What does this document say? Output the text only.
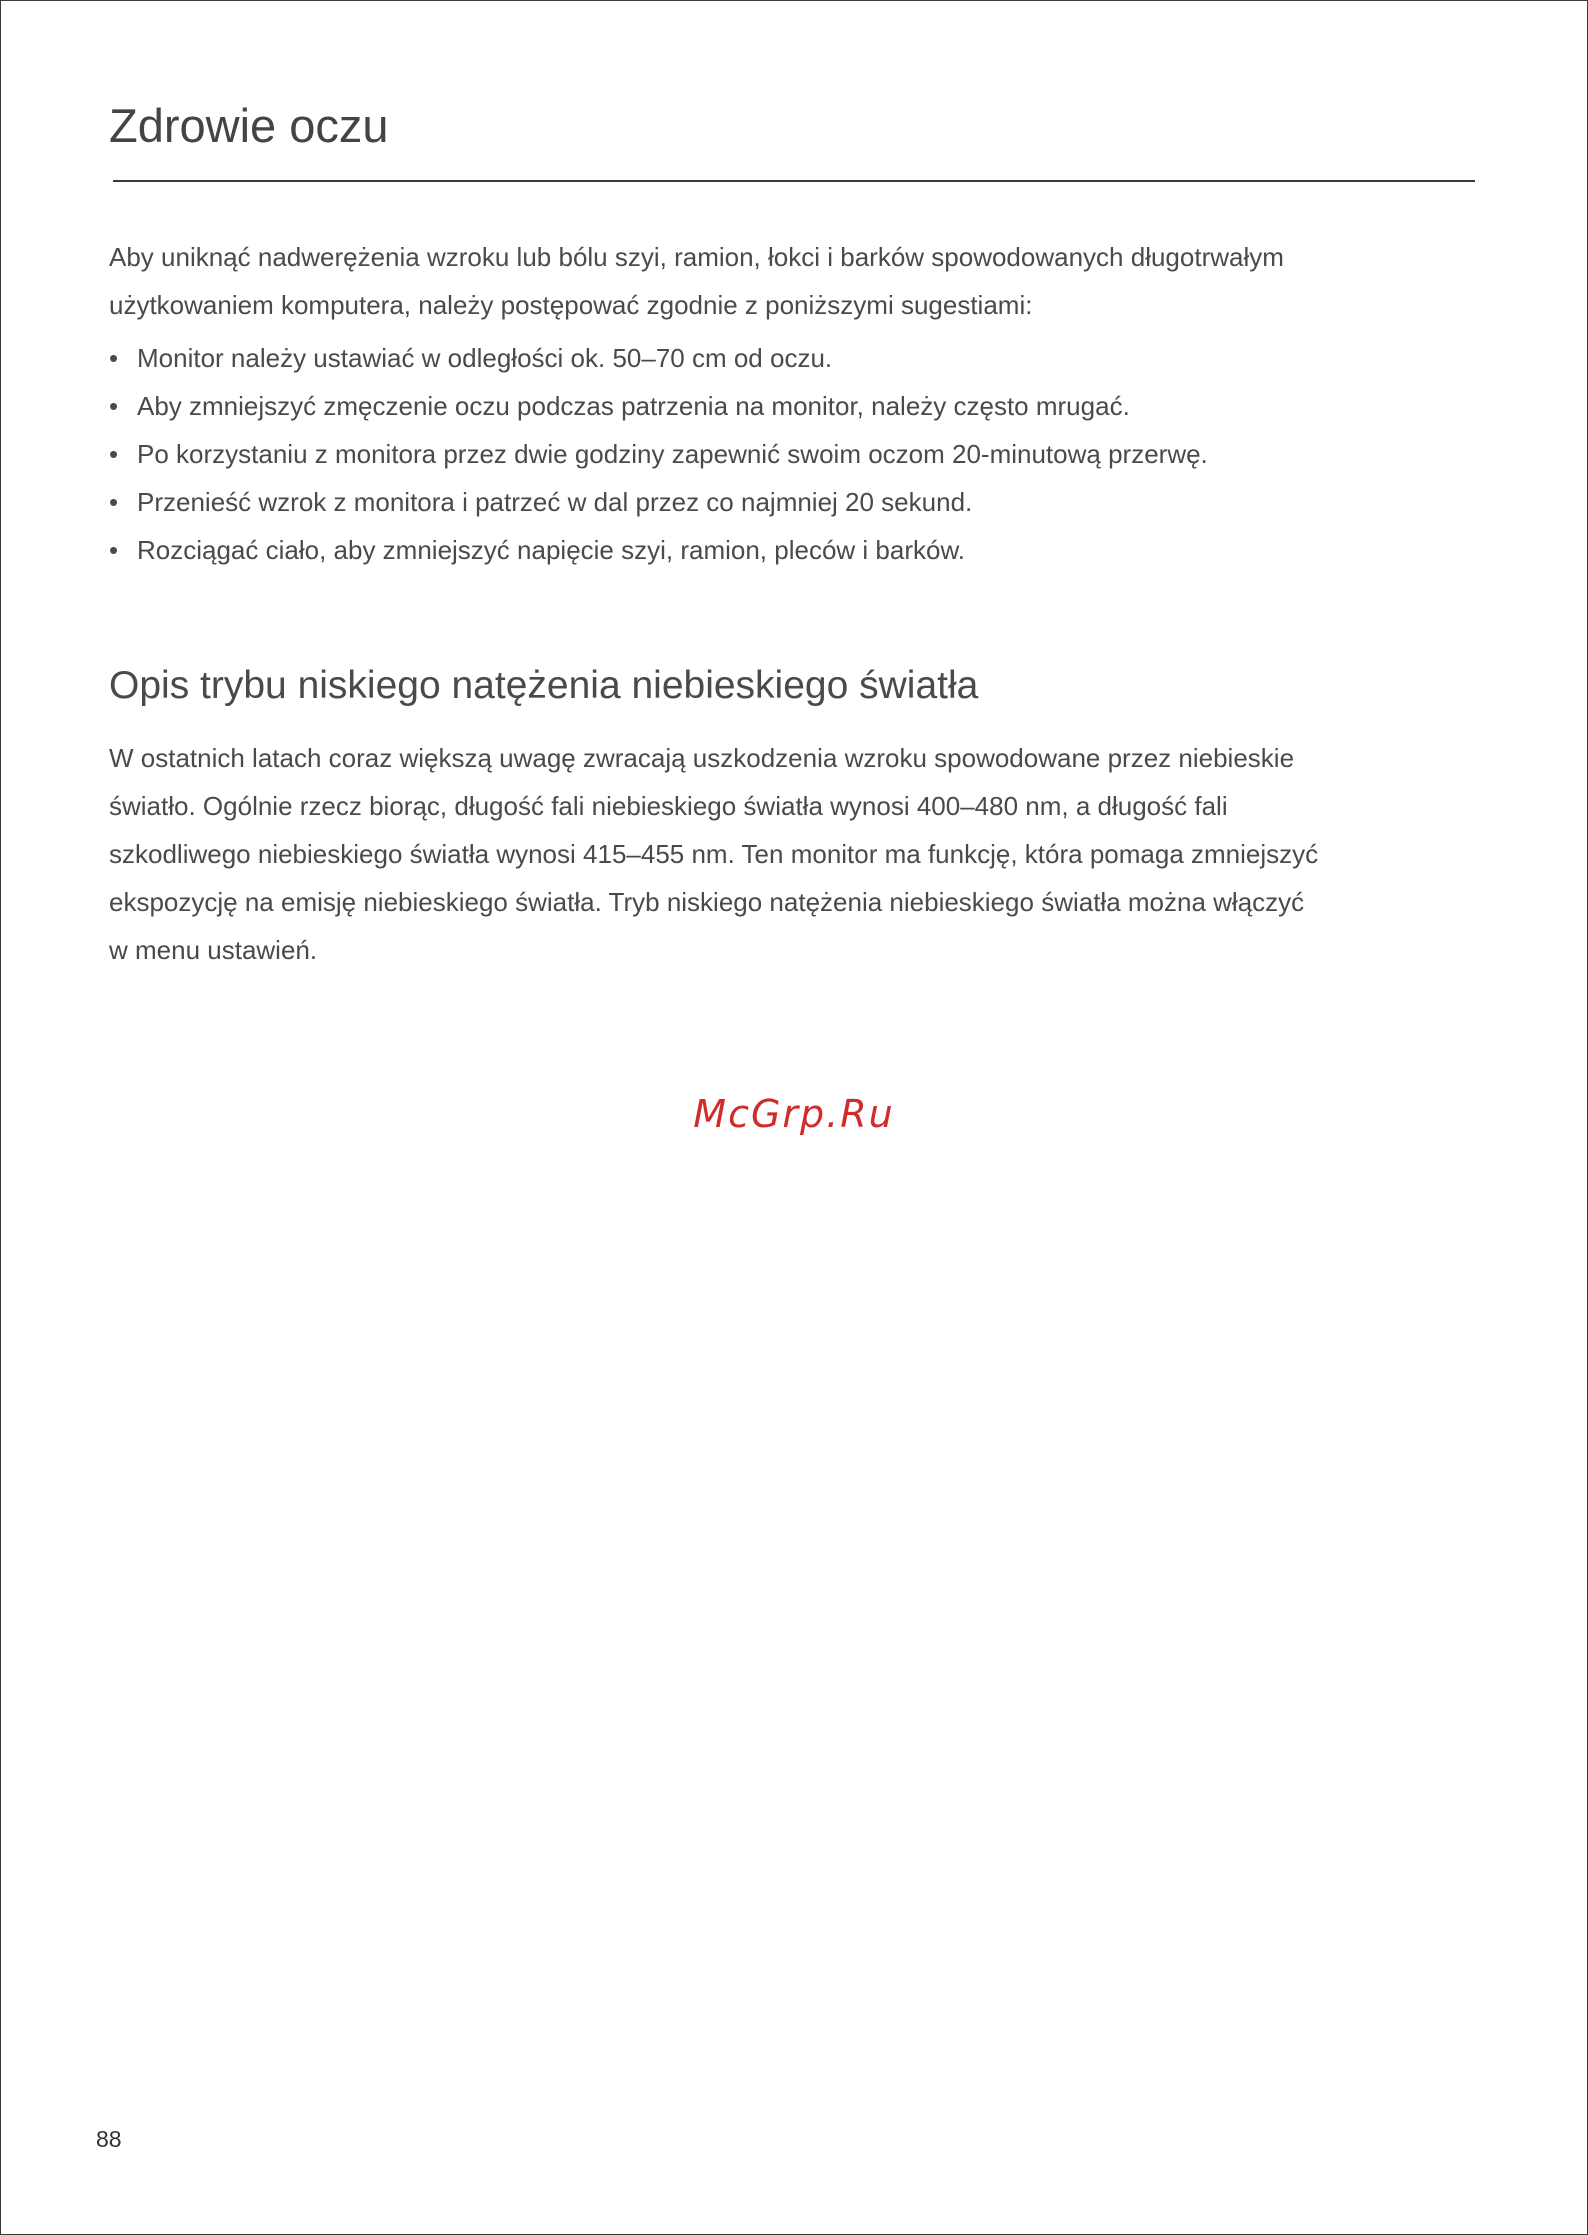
Zdrowie oczu

Aby uniknąć nadwerężenia wzroku lub bólu szyi, ramion, łokci i barków spowodowanych długotrwałym
użytkowaniem komputera, należy postępować zgodnie z poniższymi sugestiami:

• Monitor należy ustawiać w odległości ok. 50–70 cm od oczu.
• Aby zmniejszyć zmęczenie oczu podczas patrzenia na monitor, należy często mrugać.
• Po korzystaniu z monitora przez dwie godziny zapewnić swoim oczom 20-minutową przerwę.
• Przenieść wzrok z monitora i patrzeć w dal przez co najmniej 20 sekund.
• Rozciągać ciało, aby zmniejszyć napięcie szyi, ramion, pleców i barków.
Opis trybu niskiego natężenia niebieskiego światła

W ostatnich latach coraz większą uwagę zwracają uszkodzenia wzroku spowodowane przez niebieskie
światło. Ogólnie rzecz biorąc, długość fali niebieskiego światła wynosi 400–480 nm, a długość fali
szkodliwego niebieskiego światła wynosi 415–455 nm. Ten monitor ma funkcję, która pomaga zmniejszyć
ekspozycję na emisję niebieskiego światła. Tryb niskiego natężenia niebieskiego światła można włączyć
w menu ustawień.

McGrp.Ru
88
